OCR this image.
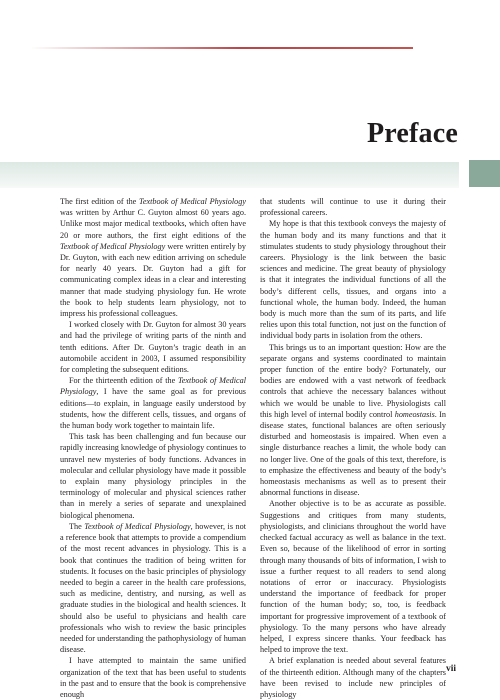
Preface

The first edition of the Textbook of Medical Physiology was written by Arthur C. Guyton almost 60 years ago. Unlike most major medical textbooks, which often have 20 or more authors, the first eight editions of the Textbook of Medical Physiology were written entirely by Dr. Guyton, with each new edition arriving on schedule for nearly 40 years. Dr. Guyton had a gift for communicating complex ideas in a clear and interesting manner that made studying physiology fun. He wrote the book to help students learn physiology, not to impress his professional colleagues.

I worked closely with Dr. Guyton for almost 30 years and had the privilege of writing parts of the ninth and tenth editions. After Dr. Guyton’s tragic death in an automobile accident in 2003, I assumed responsibility for completing the subsequent editions.

For the thirteenth edition of the Textbook of Medical Physiology, I have the same goal as for previous editions—to explain, in language easily understood by students, how the different cells, tissues, and organs of the human body work together to maintain life.

This task has been challenging and fun because our rapidly increasing knowledge of physiology continues to unravel new mysteries of body functions. Advances in molecular and cellular physiology have made it possible to explain many physiology principles in the terminology of molecular and physical sciences rather than in merely a series of separate and unexplained biological phenomena.

The Textbook of Medical Physiology, however, is not a reference book that attempts to provide a compendium of the most recent advances in physiology. This is a book that continues the tradition of being written for students. It focuses on the basic principles of physiology needed to begin a career in the health care professions, such as medicine, dentistry, and nursing, as well as graduate studies in the biological and health sciences. It should also be useful to physicians and health care professionals who wish to review the basic principles needed for understanding the pathophysiology of human disease.

I have attempted to maintain the same unified organization of the text that has been useful to students in the past and to ensure that the book is comprehensive enough

that students will continue to use it during their professional careers.

My hope is that this textbook conveys the majesty of the human body and its many functions and that it stimulates students to study physiology throughout their careers. Physiology is the link between the basic sciences and medicine. The great beauty of physiology is that it integrates the individual functions of all the body’s different cells, tissues, and organs into a functional whole, the human body. Indeed, the human body is much more than the sum of its parts, and life relies upon this total function, not just on the function of individual body parts in isolation from the others.

This brings us to an important question: How are the separate organs and systems coordinated to maintain proper function of the entire body? Fortunately, our bodies are endowed with a vast network of feedback controls that achieve the necessary balances without which we would be unable to live. Physiologists call this high level of internal bodily control homeostasis. In disease states, functional balances are often seriously disturbed and homeostasis is impaired. When even a single disturbance reaches a limit, the whole body can no longer live. One of the goals of this text, therefore, is to emphasize the effectiveness and beauty of the body’s homeostasis mechanisms as well as to present their abnormal functions in disease.

Another objective is to be as accurate as possible. Suggestions and critiques from many students, physiologists, and clinicians throughout the world have checked factual accuracy as well as balance in the text. Even so, because of the likelihood of error in sorting through many thousands of bits of information, I wish to issue a further request to all readers to send along notations of error or inaccuracy. Physiologists understand the importance of feedback for proper function of the human body; so, too, is feedback important for progressive improvement of a textbook of physiology. To the many persons who have already helped, I express sincere thanks. Your feedback has helped to improve the text.

A brief explanation is needed about several features of the thirteenth edition. Although many of the chapters have been revised to include new principles of physiology

vii
